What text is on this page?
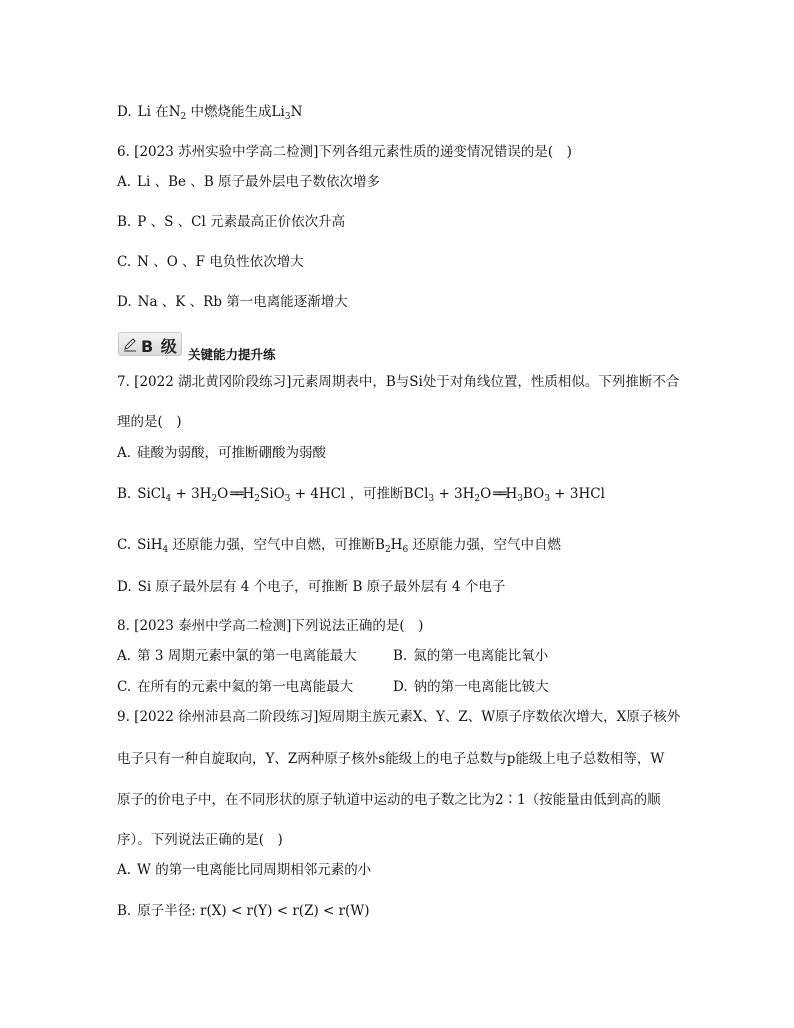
D. Li 在$N_2$ 中燃烧能生成$Li_3N$
6. [2023 苏州实验中学高二检测]下列各组元素性质的递变情况错误的是(　)
A. Li 、Be 、B 原子最外层电子数依次增多
B. P 、S 、Cl 元素最高正价依次升高
C. N 、O 、F 电负性依次增大
D. Na 、K 、Rb 第一电离能逐渐增大
B 级 关键能力提升练
7. [2022 湖北黄冈阶段练习]元素周期表中，B与Si处于对角线位置，性质相似。下列推断不合
理的是(　)
A. 硅酸为弱酸，可推断硼酸为弱酸
B. SiCl$_4$ + $3H_2O$ ══ $H_2SiO_3 + 4HCl$ ，可推断$BCl_3 + 3H_2O$ ══ $H_3BO_3 + 3HCl$
C. SiH$_4$ 还原能力强，空气中自燃，可推断$B_2H_6$ 还原能力强，空气中自燃
D. Si 原子最外层有 4 个电子，可推断 B 原子最外层有 4 个电子
8. [2023 泰州中学高二检测]下列说法正确的是(　)
A. 第 3 周期元素中氯的第一电离能最大	B. 氮的第一电离能比氧小
C. 在所有的元素中氦的第一电离能最大	D. 钠的第一电离能比铍大
9. [2022 徐州沛县高二阶段练习]短周期主族元素X、Y、Z、W原子序数依次增大，X原子核外
电子只有一种自旋取向，Y、Z两种原子核外s能级上的电子总数与p能级上电子总数相等，W
原子的价电子中，在不同形状的原子轨道中运动的电子数之比为2∶1（按能量由低到高的顺
序）。下列说法正确的是(　)
A. W 的第一电离能比同周期相邻元素的小
B. 原子半径: r(X) < r(Y) < r(Z) < r(W)
